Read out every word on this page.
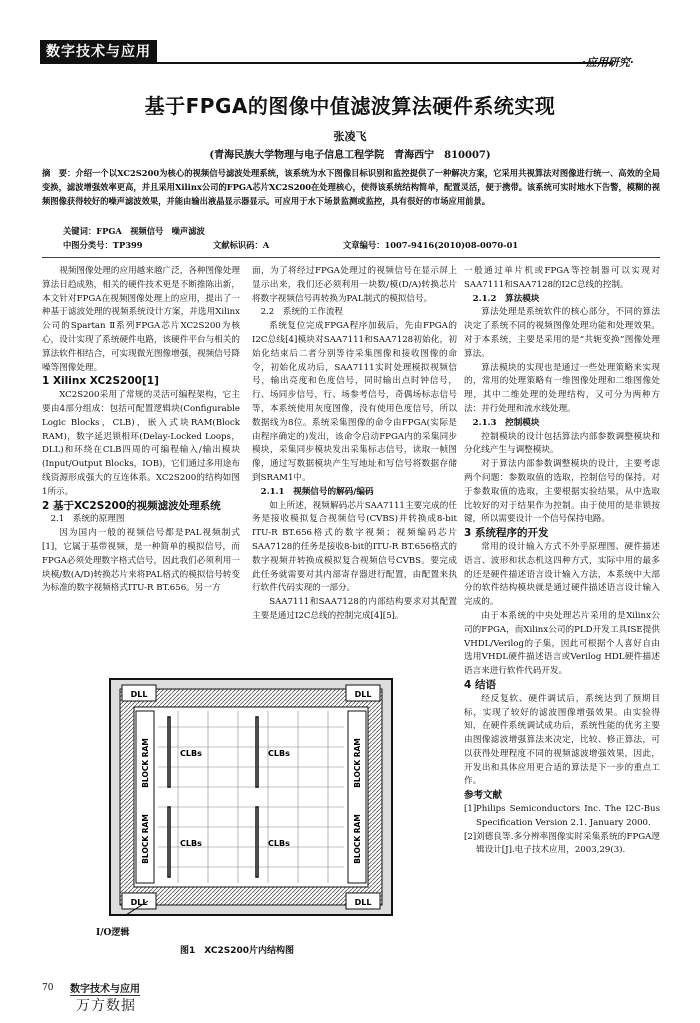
数字技术与应用
·应用研究·
基于FPGA的图像中值滤波算法硬件系统实现
张凌飞
(青海民族大学物理与电子信息工程学院　青海西宁　810007)
摘　要：介绍一个以XC2S200为核心的视频信号滤波处理系统，该系统为水下图像目标识别和监控提供了一种解决方案，它采用共视算法对图像进行统一、高效的全局变换，滤波增强效率更高，并且采用Xilinx公司的FPGA芯片XC2S200在处理核心，使得该系统结构简单，配置灵活，便于携带。该系统可实时地水下告警，模糊的视频图像获得较好的噪声滤波效果，并能由输出液晶显示器显示。可应用于水下场景监测或监控，具有很好的市场应用前景。
关键词：FPGA　视频信号　噪声滤波
中图分类号：TP399	文献标识码：A	文章编号：1007-9416(2010)08-0070-01

视频图像处理的应用越来越广泛，各种图像处理算法日趋成熟，相关的硬件技术更是不断推陈出新，本文针对FPGA在视频图像处理上的应用，提出了一种基于滤波处理的视频系统设计方案，并选用Xilinx公司的Spartan Ⅱ系列FPGA芯片XC2S200为核心，设计实现了系统硬件电路，该硬件平台与相关的算法软件相结合，可实现微光图像增强，视频信号降噪等图像处理。

1 Xilinx XC2S200[1]

XC2S200采用了常规的灵活可编程架构，它主要由4部分组成：包括可配置逻辑块(Configurable Logic Blocks，CLB)，嵌入式块RAM(Block RAM)，数字延迟锁相环(Delay-Locked Loops，DLL)和环绕在CLB四周的可编程输入/输出模块(Input/Output Blocks，IOB)，它们通过多用途布线资源形成强大的互连体系。XC2S200的结构如图1所示。

2 基于XC2S200的视频滤波处理系统

2.1　系统的原理图

因为国内一般的视频信号都是PAL视频制式[1]，它属于基带视频，是一种简单的模拟信号，而FPGA必须处理数字格式信号，因此我们必须利用一块模/数(A/D)转换芯片来将PAL格式的模拟信号转变为标准的数字视频格式ITU-R BT.656。另一方

面，为了将经过FPGA处理过的视频信号在显示屏上显示出来，我们还必须利用一块数/模(D/A)转换芯片将数字视频信号再转换为PAL制式的模拟信号。

2.2　系统的工作流程

系统复位完成FPGA程序加载后，先由FPGA的I2C总线[4]模块对SAA7111和SAA7128初始化，初始化结束后二者分别等待采集图像和接收图像的命令，初始化成功后，SAA7111实时处理模拟视频信号，输出亮度和色度信号，同时输出点时钟信号，行、场同步信号，行、场参考信号，奇偶场标志信号等，本系统使用灰度图像，没有使用色度信号，所以数据线为8位。系统采集图像的命令由FPGA(实际是由程序确定的)发出，该命令启动FPGA内的采集同步模块，采集同步模块发出采集标志信号，读取一帧图像，通过写数据模块产生写地址和写信号将数据存储到SRAM1中。

2.1.1　视频信号的解码/编码

如上所述，视频解码芯片SAA7111主要完成的任务是接收模拟复合视频信号(CVBS)并转换成8-bit ITU-R BT.656格式的数字视频；视频编码芯片SAA7128的任务是接收8-bit的ITU-R BT.656格式的数字视频并转换成模拟复合视频信号CVBS。要完成此任务就需要对其内部寄存器进行配置，由配置来执行软件代码实现的一部分。

SAA7111和SAA7128的内部结构要求对其配置主要是通过I2C总线的控制完成[4][5]。

一般通过单片机或FPGA等控制器可以实现对SAA7111和SAA7128的I2C总线的控制。

2.1.2　算法模块

算法处理是系统软件的核心部分，不同的算法决定了系统不同的视频图像处理功能和处理效果。对于本系统，主要是采用的是“共轭变换”图像处理算法。

算法模块的实现也是通过一些处理策略来实现的，常用的处理策略有一维图像处理和二维图像处理，其中二维处理的处理结构，又可分为两种方法：并行处理和流水线处理。

2.1.3　控制模块

控制模块的设计包括算法内部参数调整模块和分化线产生与调整模块。

对于算法内部参数调整模块的设计，主要考虑两个问题：参数取值的选取，控制信号的保持。对于参数取值的选取，主要根据实验结果，从中选取比较好的对于结果作为控制。由于使用的是非锁按键，所以需要设计一个信号保持电路。

3 系统程序的开发

常用的设计输入方式不外乎原理图、硬件描述语言、波形和状态机这四种方式，实际中用的最多的还是硬件描述语言设计输入方法，本系统中大部分的软件结构模块就是通过硬件描述语言设计输入完成的。

由于本系统的中央处理芯片采用的是Xilinx公司的FPGA，而Xilinx公司的PLD开发工具ISE提供VHDL/Verilog的子集，因此可根据个人喜好自由选用VHDL硬件描述语言或Verilog HDL硬件描述语言来进行软件代码开发。

4 结语

经反复软、硬件调试后，系统达到了预期目标，实现了较好的滤波图像增强效果。由实验得知，在硬件系统调试成功后，系统性能的优劣主要由图像滤波增强算法来决定，比较、修正算法，可以获得处理程度不同的视频滤波增强效果，因此，开发出和具体应用更合适的算法是下一步的重点工作。

参考文献

[1] Philips Semiconductors Inc. The I2C-Bus Specification Version 2.1. January 2000.

[2] 刘德良等.多分辨率图像实时采集系统的FPGA逻辑设计[J].电子技术应用，2003,29(3).

DLL	DLL
DLL	DLL
BLOCK RAM
BLOCK RAM
BLOCK RAM
BLOCK RAM
CLBs	CLBs
CLBs	CLBs
I/O逻辑
图1　XC2S200片内结构图
70 数字技术与应用
万方数据
